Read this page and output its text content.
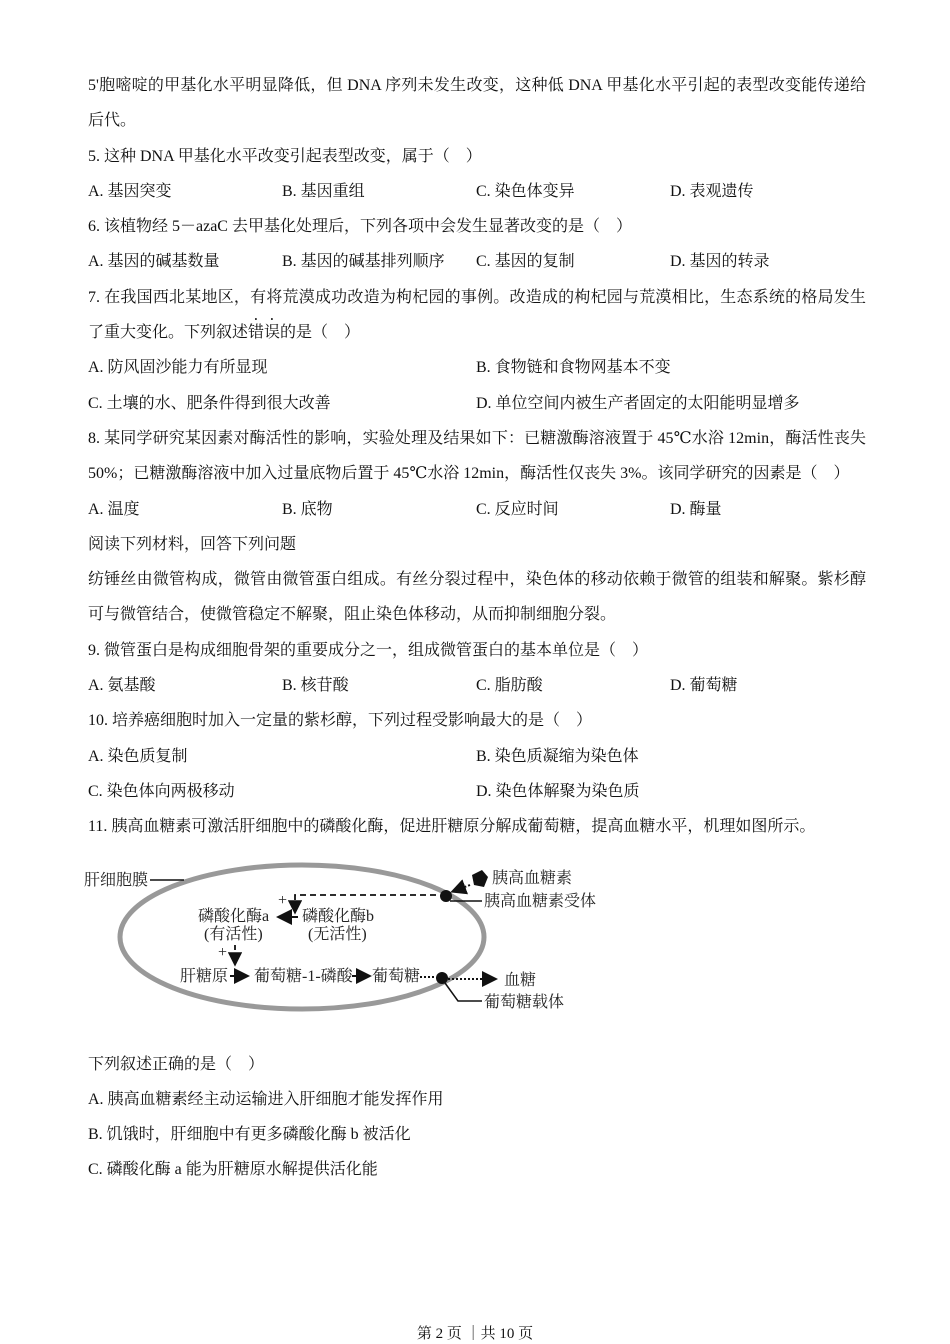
5'胞嘧啶的甲基化水平明显降低，但 DNA 序列未发生改变，这种低 DNA 甲基化水平引起的表型改变能传递给后代。
5. 这种 DNA 甲基化水平改变引起表型改变，属于（　）
A. 基因突变	B. 基因重组	C. 染色体变异	D. 表观遗传
6. 该植物经 5－azaC 去甲基化处理后，下列各项中会发生显著改变的是（　）
A. 基因的碱基数量	B. 基因的碱基排列顺序	C. 基因的复制	D. 基因的转录
7. 在我国西北某地区，有将荒漠成功改造为枸杞园的事例。改造成的枸杞园与荒漠相比，生态系统的格局发生了重大变化。下列叙述错误的是（　）
A. 防风固沙能力有所显现	B. 食物链和食物网基本不变
C. 土壤的水、肥条件得到很大改善	D. 单位空间内被生产者固定的太阳能明显增多
8. 某同学研究某因素对酶活性的影响，实验处理及结果如下：已糖激酶溶液置于 45℃水浴 12min，酶活性丧失 50%；已糖激酶溶液中加入过量底物后置于 45℃水浴 12min，酶活性仅丧失 3%。该同学研究的因素是（　）
A. 温度	B. 底物	C. 反应时间	D. 酶量
阅读下列材料，回答下列问题
纺锤丝由微管构成，微管由微管蛋白组成。有丝分裂过程中，染色体的移动依赖于微管的组装和解聚。紫杉醇可与微管结合，使微管稳定不解聚，阻止染色体移动，从而抑制细胞分裂。
9. 微管蛋白是构成细胞骨架的重要成分之一，组成微管蛋白的基本单位是（　）
A. 氨基酸	B. 核苷酸	C. 脂肪酸	D. 葡萄糖
10. 培养癌细胞时加入一定量的紫杉醇，下列过程受影响最大的是（　）
A. 染色质复制	B. 染色质凝缩为染色体
C. 染色体向两极移动	D. 染色体解聚为染色质
11. 胰高血糖素可激活肝细胞中的磷酸化酶，促进肝糖原分解成葡萄糖，提高血糖水平，机理如图所示。
肝细胞膜	胰高血糖素
胰高血糖素受体
+
磷酸化酶a
(有活性)
磷酸化酶b
(无活性)
+
肝糖原 葡萄糖-1-磷酸 葡萄糖	血糖
葡萄糖载体
下列叙述正确的是（　）
A. 胰高血糖素经主动运输进入肝细胞才能发挥作用
B. 饥饿时，肝细胞中有更多磷酸化酶 b 被活化
C. 磷酸化酶 a 能为肝糖原水解提供活化能
第 2 页 ｜共 10 页
